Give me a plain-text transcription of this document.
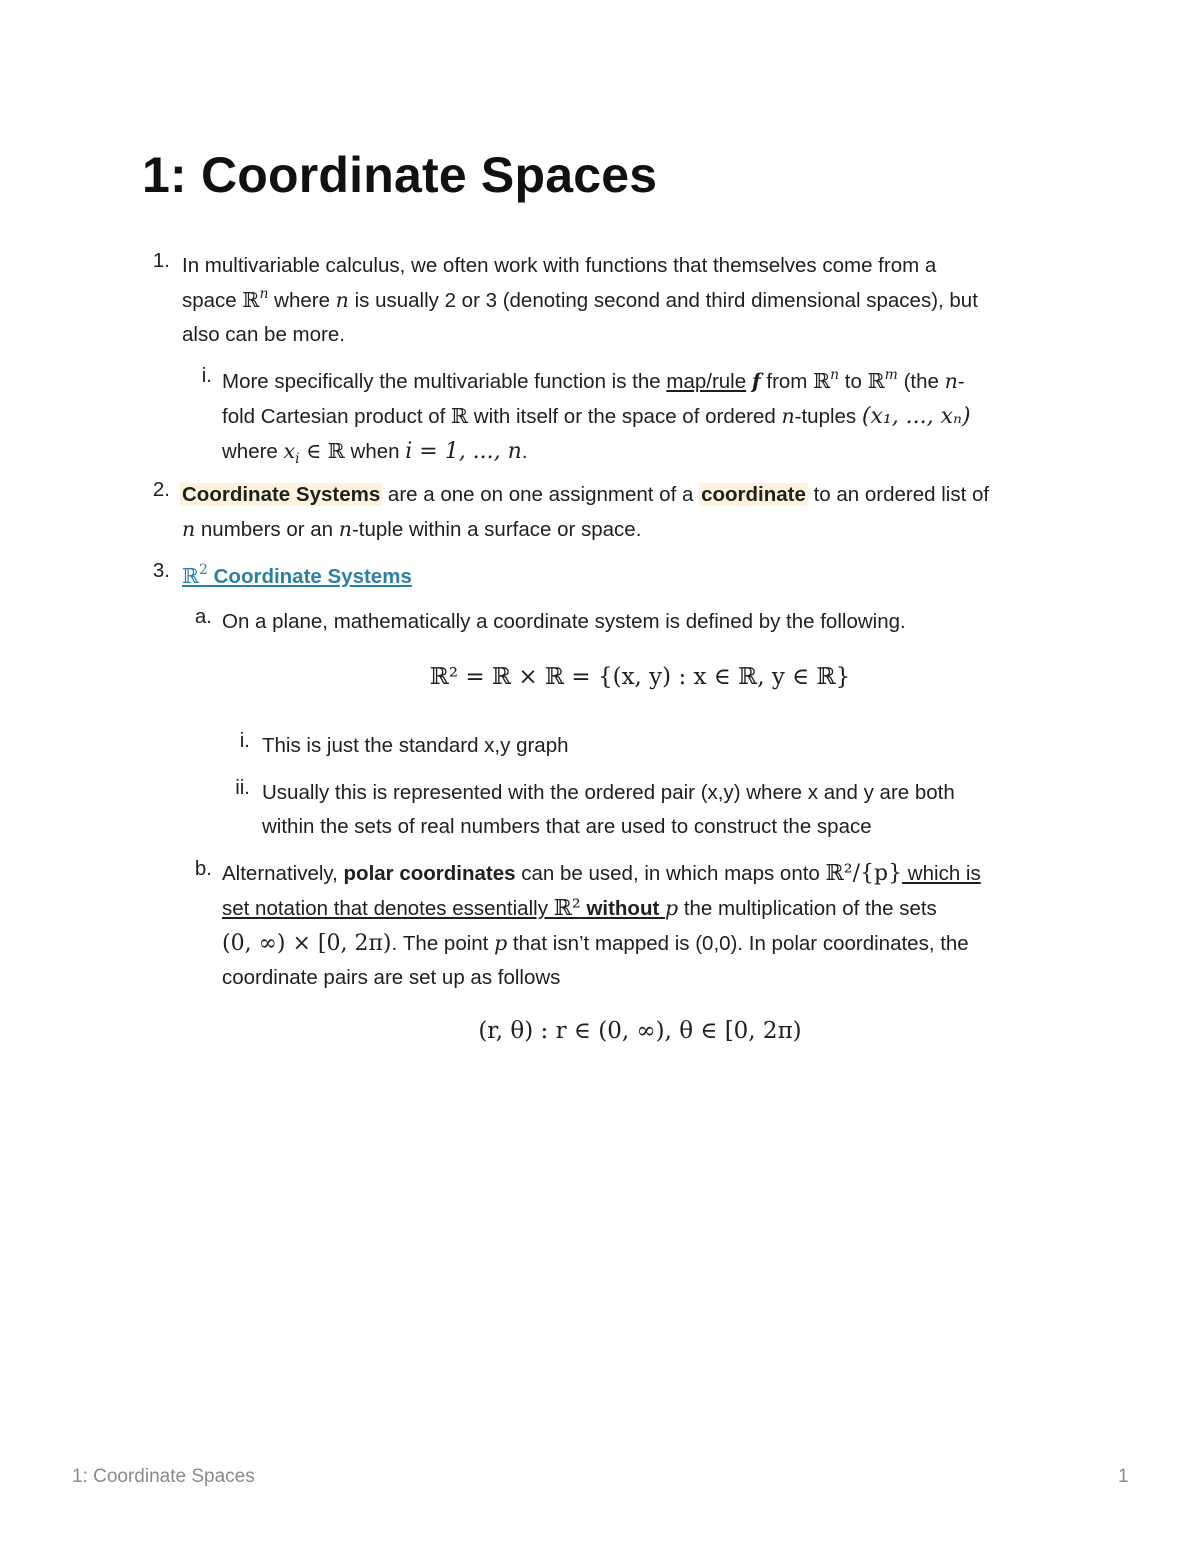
1: Coordinate Spaces
1. In multivariable calculus, we often work with functions that themselves come from a
space ℝ$^n$ where n is usually 2 or 3 (denoting second and third dimensional spaces), but
also can be more.
i. More specifically the multivariable function is the map/rule f from ℝ$^n$ to ℝ$^m$ (the n-
fold Cartesian product of ℝ with itself or the space of ordered n-tuples (x₁, ..., xₙ)
where $x_i$ ∈ ℝ when i = 1, ..., n.
2. Coordinate Systems are a one on one assignment of a coordinate to an ordered list of
n numbers or an n-tuple within a surface or space.
3. ℝ$^2$ Coordinate Systems
a. On a plane, mathematically a coordinate system is defined by the following.
ℝ² = ℝ × ℝ = {(x, y) : x ∈ ℝ, y ∈ ℝ}
i. This is just the standard x,y graph
ii. Usually this is represented with the ordered pair (x,y) where x and y are both
within the sets of real numbers that are used to construct the space
b. Alternatively, polar coordinates can be used, in which maps onto ℝ²/{p} which is
set notation that denotes essentially ℝ² without p the multiplication of the sets
(0, ∞) × [0, 2π). The point p that isn’t mapped is (0,0). In polar coordinates, the
coordinate pairs are set up as follows
(r, θ) : r ∈ (0, ∞), θ ∈ [0, 2π)
1: Coordinate Spaces	1
